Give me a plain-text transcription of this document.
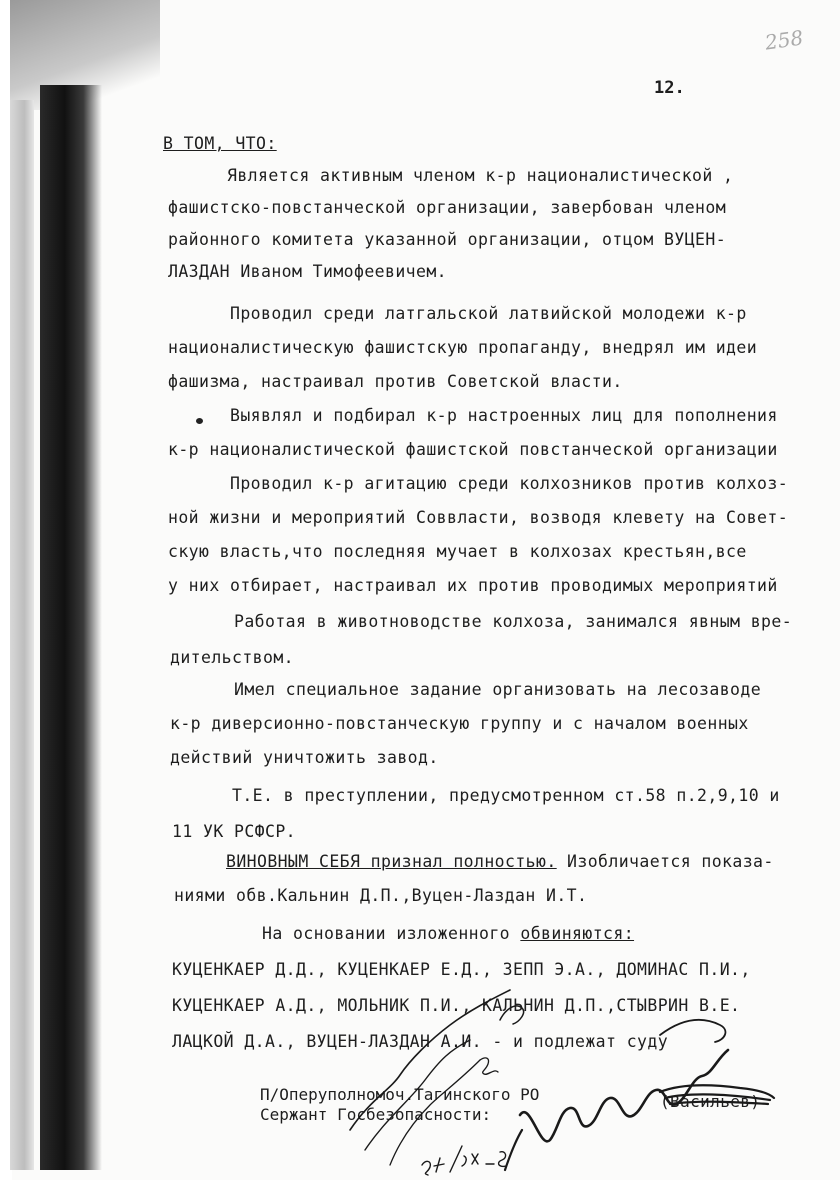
258
12.
В ТОМ, ЧТО:
Является активным членом к-р националистической ,
фашистско-повстанческой организации, завербован членом
районного комитета указанной организации, отцом ВУЦЕН-
ЛАЗДАН Иваном Тимофеевичем.
Проводил среди латгальской латвийской молодежи к-р
националистическую фашистскую пропаганду, внедрял им идеи
фашизма, настраивал против Советской власти.
Выявлял и подбирал к-р настроенных лиц для пополнения
к-р националистической фашистской повстанческой организации
Проводил к-р агитацию среди колхозников против колхоз-
ной жизни и мероприятий Соввласти, возводя клевету на Совет-
скую власть,что последняя мучает в колхозах крестьян,все
у них отбирает, настраивал их против проводимых мероприятий
Работая в животноводстве колхоза, занимался явным вре-
дительством.
Имел специальное задание организовать на лесозаводе
к-р диверсионно-повстанческую группу и с началом военных
действий уничтожить завод.
Т.Е. в преступлении, предусмотренном ст.58 п.2,9,10 и
11 УК РСФСР.
ВИНОВНЫМ СЕБЯ признал полностью. Изобличается показа-
ниями обв.Кальнин Д.П.,Вуцен-Лаздан И.Т.
На основании изложенного обвиняются:
КУЦЕНКАЕР Д.Д., КУЦЕНКАЕР Е.Д., ЗЕПП Э.А., ДОМИНАС П.И.,
КУЦЕНКАЕР А.Д., МОЛЬНИК П.И., КАЛЬНИН Д.П.,СТЫВРИН В.Е.
ЛАЦКОЙ Д.А., ВУЦЕН-ЛАЗДАН А.И. - и подлежат суду
П/Оперуполномоч.Тагинского РО
Сержант Госбезопасности:
(Васильев)
